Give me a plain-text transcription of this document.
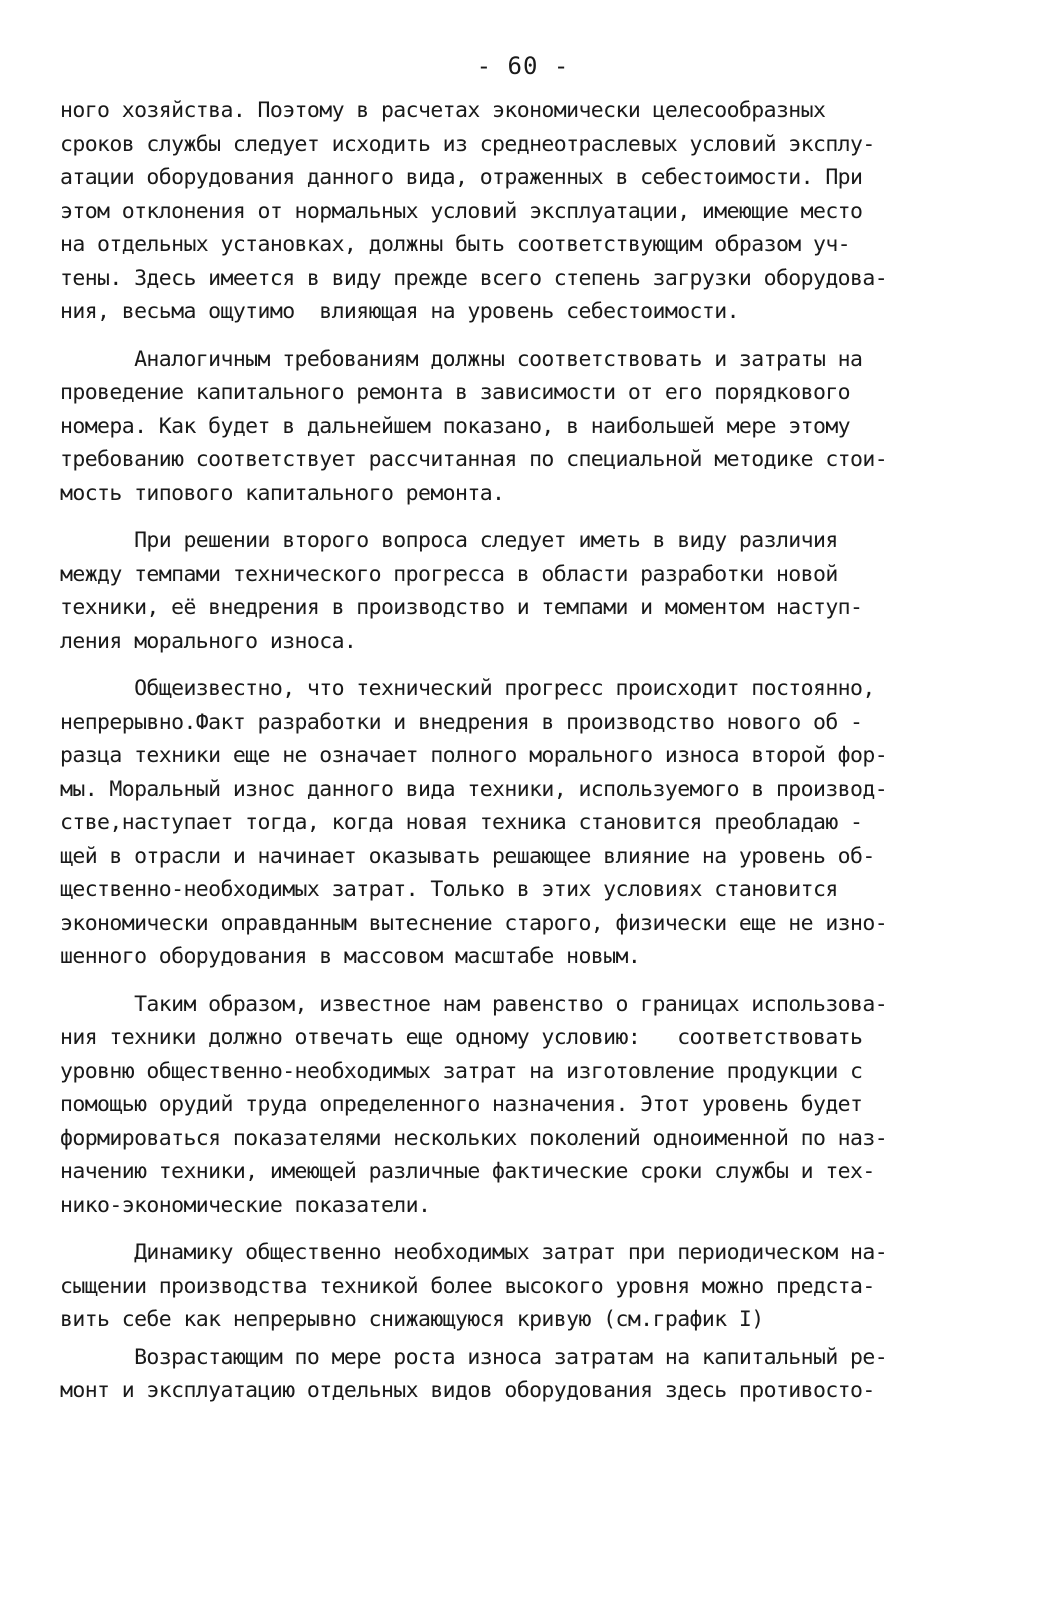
- 60 -
ного хозяйства. Поэтому в расчетах экономически целесообразных
сроков службы следует исходить из среднеотраслевых условий эксплу-
атации оборудования данного вида, отраженных в себестоимости. При
этом отклонения от нормальных условий эксплуатации, имеющие место
на отдельных установках, должны быть соответствующим образом уч-
тены. Здесь имеется в виду прежде всего степень загрузки оборудова-
ния, весьма ощутимо  влияющая на уровень себестоимости.
Аналогичным требованиям должны соответствовать и затраты на
проведение капитального ремонта в зависимости от его порядкового
номера. Как будет в дальнейшем показано, в наибольшей мере этому
требованию соответствует рассчитанная по специальной методике стои-
мость типового капитального ремонта.
При решении второго вопроса следует иметь в виду различия
между темпами технического прогресса в области разработки новой
техники, её внедрения в производство и темпами и моментом наступ-
ления морального износа.
Общеизвестно, что технический прогресс происходит постоянно,
непрерывно.Факт разработки и внедрения в производство нового об -
разца техники еще не означает полного морального износа второй фор-
мы. Моральный износ данного вида техники, используемого в производ-
стве,наступает тогда, когда новая техника становится преобладаю -
щей в отрасли и начинает оказывать решающее влияние на уровень об-
щественно-необходимых затрат. Только в этих условиях становится
экономически оправданным вытеснение старого, физически еще не изно-
шенного оборудования в массовом масштабе новым.
Таким образом, известное нам равенство о границах использова-
ния техники должно отвечать еще одному условию:   соответствовать
уровню общественно-необходимых затрат на изготовление продукции с
помощью орудий труда определенного назначения. Этот уровень будет
формироваться показателями нескольких поколений одноименной по наз-
начению техники, имеющей различные фактические сроки службы и тех-
нико-экономические показатели.
Динамику общественно необходимых затрат при периодическом на-
сыщении производства техникой более высокого уровня можно предста-
вить себе как непрерывно снижающуюся кривую (см.график I)
Возрастающим по мере роста износа затратам на капитальный ре-
монт и эксплуатацию отдельных видов оборудования здесь противосто-
